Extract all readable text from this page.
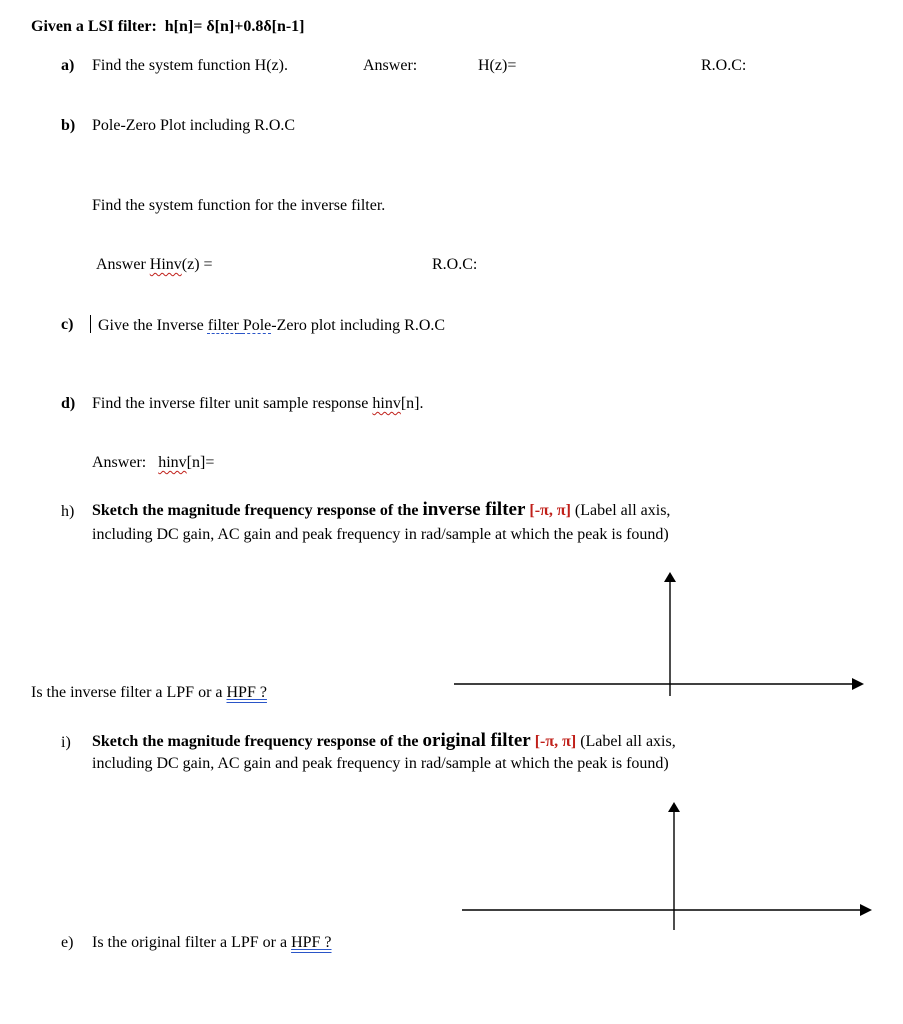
Given a LSI filter: h[n]= δ[n]+0.8δ[n-1]
a) Find the system function H(z).	Answer:	H(z)=	R.O.C:
b) Pole-Zero Plot including R.O.C
Find the system function for the inverse filter.
Answer Hinv(z) =	R.O.C:
c)	Give the Inverse filter Pole-Zero plot including R.O.C
d) Find the inverse filter unit sample response hinv[n].
Answer: hinv[n]=
h) Sketch the magnitude frequency response of the inverse filter [-π, π] (Label all axis,
including DC gain, AC gain and peak frequency in rad/sample at which the peak is found)
Is the inverse filter a LPF or a HPF ?
i) Sketch the magnitude frequency response of the original filter [-π, π] (Label all axis,
including DC gain, AC gain and peak frequency in rad/sample at which the peak is found)
e) Is the original filter a LPF or a HPF ?
